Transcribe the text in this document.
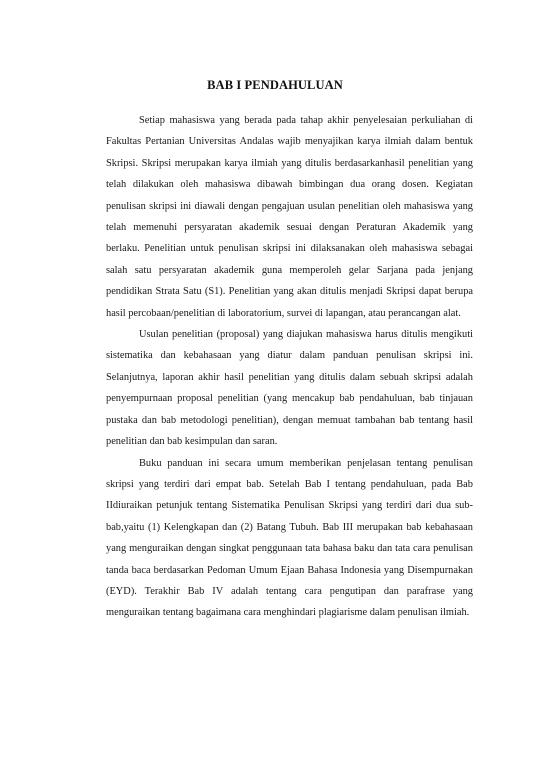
BAB I PENDAHULUAN

Setiap mahasiswa yang berada pada tahap akhir penyelesaian perkuliahan di Fakultas Pertanian Universitas Andalas wajib menyajikan karya ilmiah dalam bentuk Skripsi. Skripsi merupakan karya ilmiah yang ditulis berdasarkanhasil penelitian yang telah dilakukan oleh mahasiswa dibawah bimbingan dua orang dosen. Kegiatan penulisan skripsi ini diawali dengan pengajuan usulan penelitian oleh mahasiswa yang telah memenuhi persyaratan akademik sesuai dengan Peraturan Akademik yang berlaku. Penelitian untuk penulisan skripsi ini dilaksanakan oleh mahasiswa sebagai salah satu persyaratan akademik guna memperoleh gelar Sarjana pada jenjang pendidikan Strata Satu (S1). Penelitian yang akan ditulis menjadi Skripsi dapat berupa hasil percobaan/penelitian di laboratorium, survei di lapangan, atau perancangan alat.

Usulan penelitian (proposal) yang diajukan mahasiswa harus ditulis mengikuti sistematika dan kebahasaan yang diatur dalam panduan penulisan skripsi ini. Selanjutnya, laporan akhir hasil penelitian yang ditulis dalam sebuah skripsi adalah penyempurnaan proposal penelitian (yang mencakup bab pendahuluan, bab tinjauan pustaka dan bab metodologi penelitian), dengan memuat tambahan bab tentang hasil penelitian dan bab kesimpulan dan saran.

Buku panduan ini secara umum memberikan penjelasan tentang penulisan skripsi yang terdiri dari empat bab. Setelah Bab I tentang pendahuluan, pada Bab IIdiuraikan petunjuk tentang Sistematika Penulisan Skripsi yang terdiri dari dua sub-bab,yaitu (1) Kelengkapan dan (2) Batang Tubuh. Bab III merupakan bab kebahasaan yang menguraikan dengan singkat penggunaan tata bahasa baku dan tata cara penulisan tanda baca berdasarkan Pedoman Umum Ejaan Bahasa Indonesia yang Disempurnakan (EYD). Terakhir Bab IV adalah tentang cara pengutipan dan parafrase yang menguraikan tentang bagaimana cara menghindari plagiarisme dalam penulisan ilmiah.
